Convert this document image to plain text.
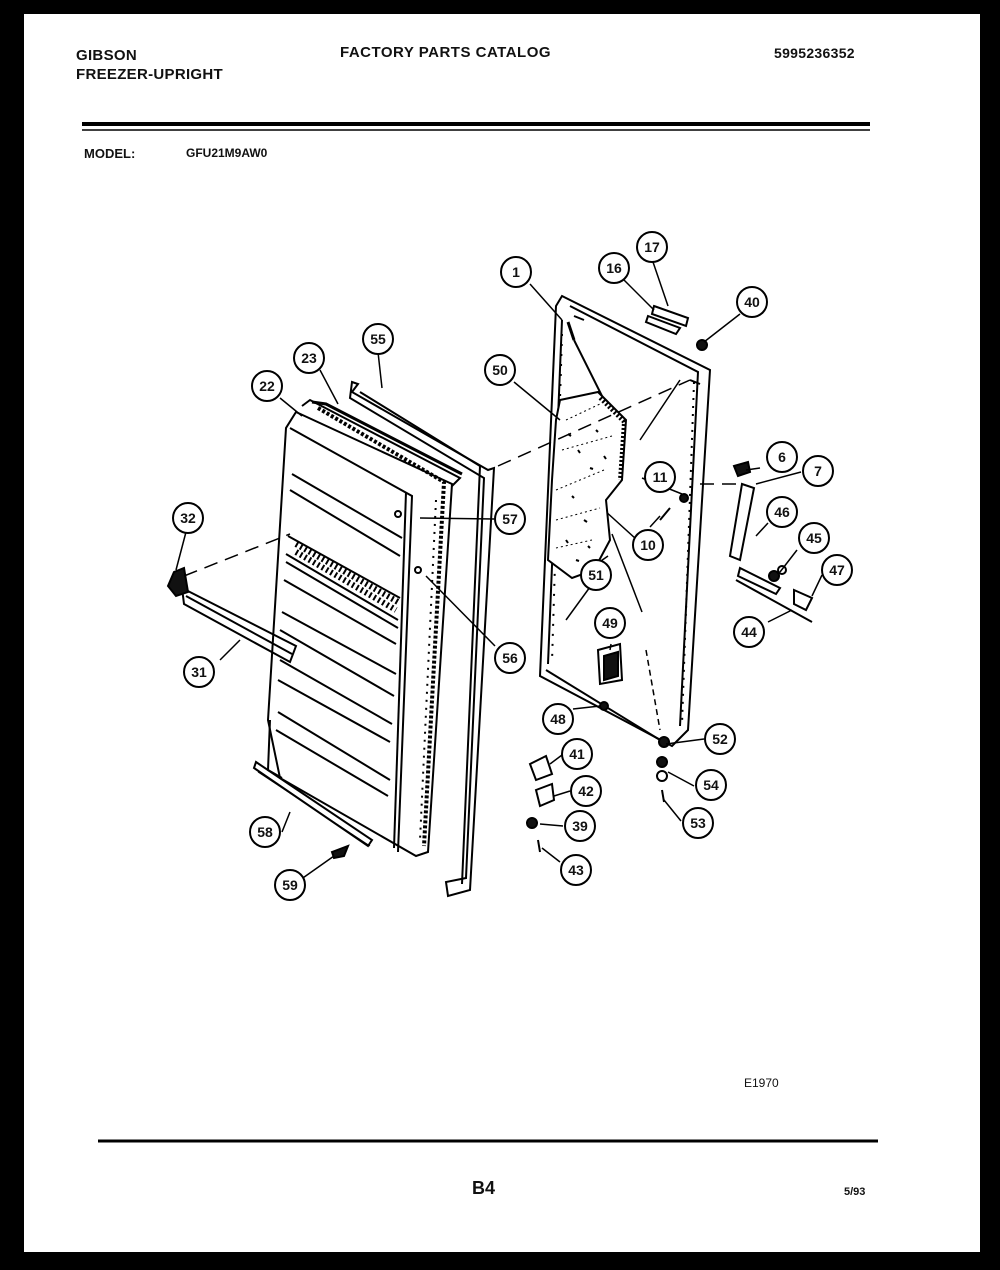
GIBSON
FREEZER-UPRIGHT
FACTORY PARTS CATALOG	5995236352
MODEL:	GFU21M9AW0
E1970
B4	5/93
1
17
16
40
55
23
22
50
6
7
11
32	57	46
10	45
47
51
49
31
56
44
48
52
41
54
42
39	53
43
58
59
